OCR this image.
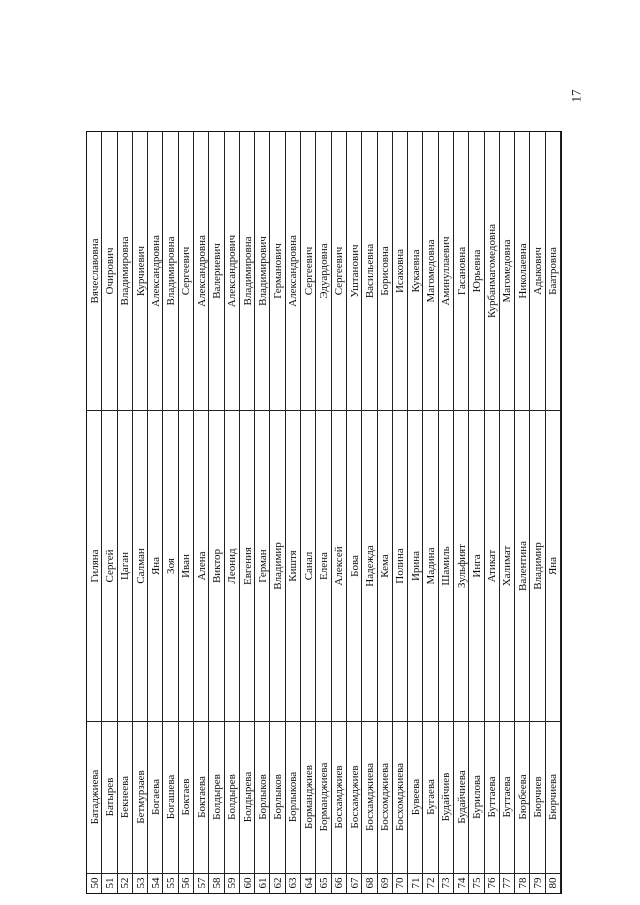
17
50
Батаджиева
Гиляна
Вячеславовна
51
Батырев
Сергей
Очирович
52
Бекнеева
Цаган
Владимировна
53
Бетмурзаев
Салман
Курчиевич
54
Богаева
Яна
Александровна
55
Богашева
Зоя
Владимировна
56
Боктаев
Иван
Сергеевич
57
Боктаева
Алена
Александровна
58
Болдырев
Виктор
Валериевич
59
Болдырев
Леонид
Александрович
60
Болдырева
Евгения
Владимировна
61
Борлыков
Герман
Владимирович
62
Борлыков
Владимир
Германович
63
Борлыкова
Киштя
Александровна
64
Борманджиев
Санал
Сергеевич
65
Борманджиева
Елена
Эдуардовна
66
Босхамджиев
Алексей
Сергеевич
67
Босхамджиев
Бова
Уштанович
68
Босхамджиева
Надежда
Васильевна
69
Босхомджиева
Кема
Борисовна
70
Босхомджиева
Полина
Исаковна
71
Бувеева
Ирина
Кукаевна
72
Бугаева
Мадина
Магомедовна
73
Будайчиев
Шамиль
Аминуллаевич
74
Будайчиева
Зульфият
Гасановна
75
Бурилова
Инга
Юрьевна
76
Буттаева
Атикат
Курбанмагомедовна
77
Буттаева
Халимат
Магомедовна
78
Бюрбеева
Валентина
Николаевна
79
Бюрчиев
Владимир
Адыкович
80
Бюрчиева
Яна
Баатровна
